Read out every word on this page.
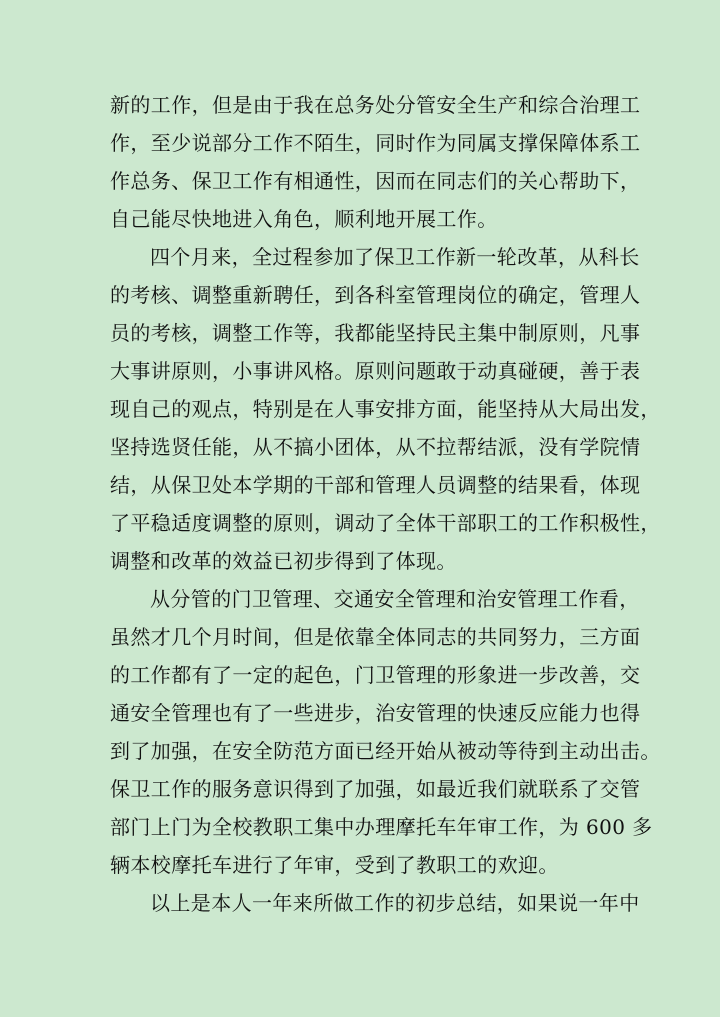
新的工作，但是由于我在总务处分管安全生产和综合治理工
作，至少说部分工作不陌生，同时作为同属支撑保障体系工
作总务、保卫工作有相通性，因而在同志们的关心帮助下，
自己能尽快地进入角色，顺利地开展工作。
四个月来，全过程参加了保卫工作新一轮改革，从科长
的考核、调整重新聘任，到各科室管理岗位的确定，管理人
员的考核，调整工作等，我都能坚持民主集中制原则，凡事
大事讲原则，小事讲风格。原则问题敢于动真碰硬，善于表
现自己的观点，特别是在人事安排方面，能坚持从大局出发，
坚持选贤任能，从不搞小团体，从不拉帮结派，没有学院情
结，从保卫处本学期的干部和管理人员调整的结果看，体现
了平稳适度调整的原则，调动了全体干部职工的工作积极性，
调整和改革的效益已初步得到了体现。
从分管的门卫管理、交通安全管理和治安管理工作看，
虽然才几个月时间，但是依靠全体同志的共同努力，三方面
的工作都有了一定的起色，门卫管理的形象进一步改善，交
通安全管理也有了一些进步，治安管理的快速反应能力也得
到了加强，在安全防范方面已经开始从被动等待到主动出击。
保卫工作的服务意识得到了加强，如最近我们就联系了交管
部门上门为全校教职工集中办理摩托车年审工作，为 600 多
辆本校摩托车进行了年审，受到了教职工的欢迎。
以上是本人一年来所做工作的初步总结，如果说一年中
